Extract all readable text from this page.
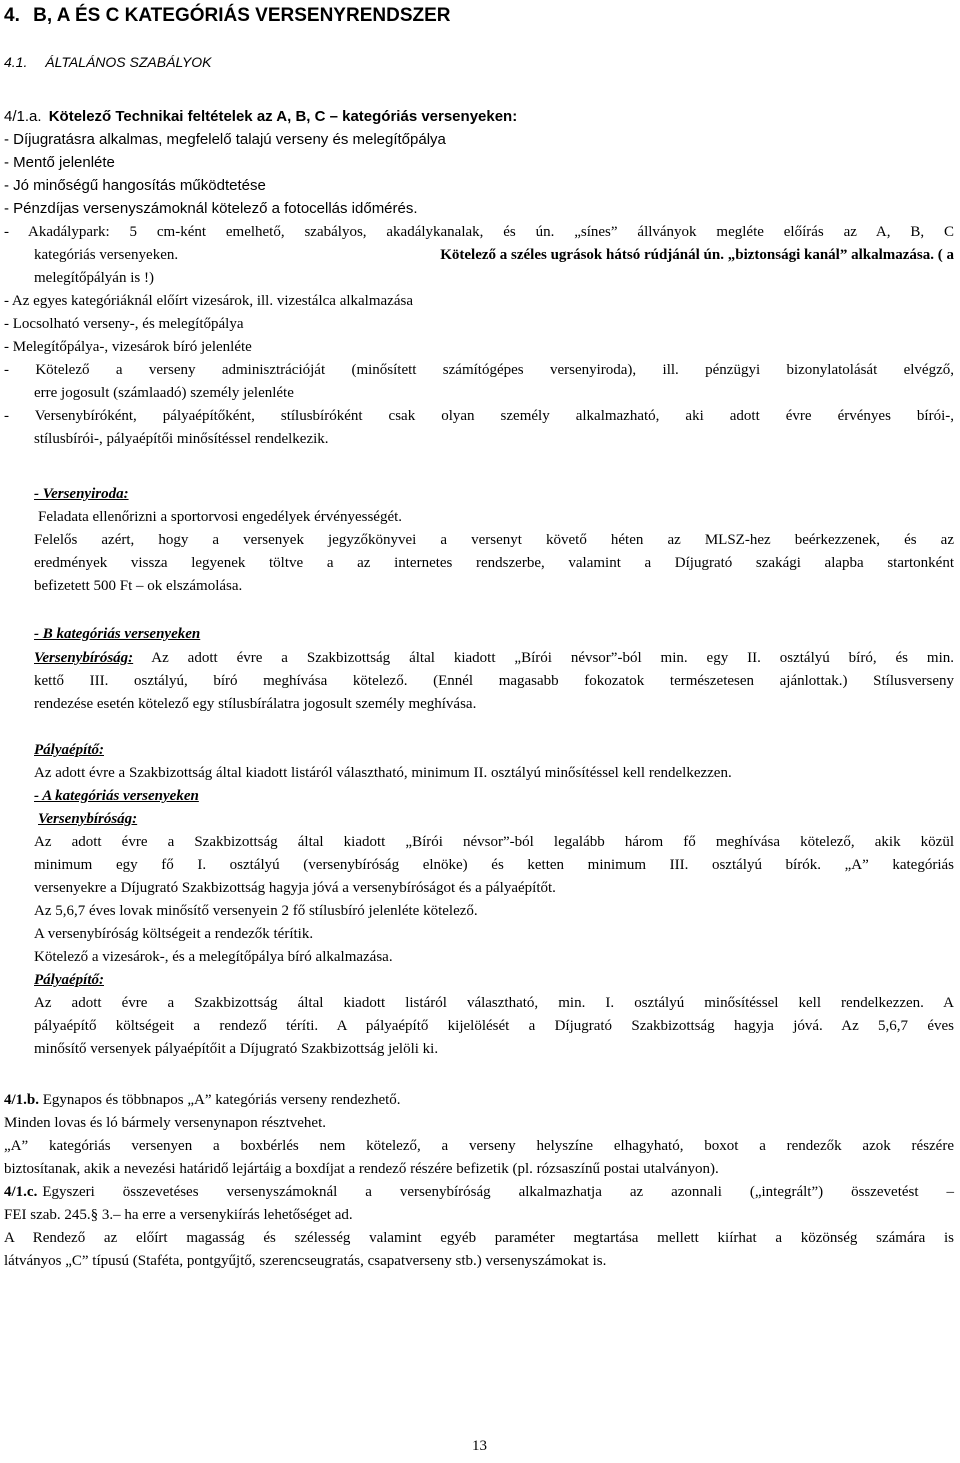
4. B, A ÉS C KATEGÓRIÁS VERSENYRENDSZER
4.1. ÁLTALÁNOS SZABÁLYOK
4/1.a. Kötelező Technikai feltételek az A, B, C – kategóriás versenyeken:
- Díjugratásra alkalmas, megfelelő talajú verseny és melegítőpálya
- Mentő jelenléte
- Jó minőségű hangosítás működtetése
- Pénzdíjas versenyszámoknál kötelező a fotocellás időmérés.
- Akadálypark: 5 cm-ként emelhető, szabályos, akadálykanalak, és ún. „sínes” állványok megléte előírás az A, B, C
kategóriás versenyeken.	Kötelező a széles ugrások hátsó rúdjánál ún. „biztonsági kanál” alkalmazása. ( a
melegítőpályán is !)
- Az egyes kategóriáknál előírt vizesárok, ill. vizestálca alkalmazása
- Locsolható verseny-, és melegítőpálya
- Melegítőpálya-, vizesárok bíró jelenléte
- Kötelező a verseny adminisztrációját (minősített számítógépes versenyiroda), ill. pénzügyi bizonylatolását elvégző,
erre jogosult (számlaadó) személy jelenléte
- Versenybíróként, pályaépítőként, stílusbíróként csak olyan személy alkalmazható, aki adott évre érvényes bírói-,
stílusbírói-, pályaépítői minősítéssel rendelkezik.
- Versenyiroda:
Feladata ellenőrizni a sportorvosi engedélyek érvényességét.
Felelős azért, hogy a versenyek jegyzőkönyvei a versenyt követő héten az MLSZ-hez beérkezzenek, és az
eredmények vissza legyenek töltve a az internetes rendszerbe, valamint a Díjugrató szakági alapba startonként
befizetett 500 Ft – ok elszámolása.
- B kategóriás versenyeken
Versenybíróság: Az adott évre a Szakbizottság által kiadott „Bírói névsor”-ból min. egy II. osztályú bíró, és min.
kettő III. osztályú, bíró meghívása kötelező. (Ennél magasabb fokozatok természetesen ajánlottak.) Stílusverseny
rendezése esetén kötelező egy stílusbírálatra jogosult személy meghívása.
Pályaépítő:
Az adott évre a Szakbizottság által kiadott listáról választható, minimum II. osztályú minősítéssel kell rendelkezzen.
- A kategóriás versenyeken
Versenybíróság:
Az adott évre a Szakbizottság által kiadott „Bírói névsor”-ból legalább három fő meghívása kötelező, akik közül
minimum egy fő I. osztályú (versenybíróság elnöke) és ketten minimum III. osztályú bírók. „A” kategóriás
versenyekre a Díjugrató Szakbizottság hagyja jóvá a versenybíróságot és a pályaépítőt.
Az 5,6,7 éves lovak minősítő versenyein 2 fő stílusbíró jelenléte kötelező.
A versenybíróság költségeit a rendezők térítik.
Kötelező a vizesárok-, és a melegítőpálya bíró alkalmazása.
Pályaépítő:
Az adott évre a Szakbizottság által kiadott listáról választható, min. I. osztályú minősítéssel kell rendelkezzen. A
pályaépítő költségeit a rendező téríti. A pályaépítő kijelölését a Díjugrató Szakbizottság hagyja jóvá. Az 5,6,7 éves
minősítő versenyek pályaépítőit a Díjugrató Szakbizottság jelöli ki.
4/1.b. Egynapos és többnapos „A” kategóriás verseny rendezhető.
Minden lovas és ló bármely versenynapon résztvehet.
„A” kategóriás versenyen a boxbérlés nem kötelező, a verseny helyszíne elhagyható, boxot a rendezők azok részére
biztosítanak, akik a nevezési határidő lejártáig a boxdíjat a rendező részére befizetik (pl. rózsaszínű postai utalványon).
4/1.c. Egyszeri összevetéses versenyszámoknál a versenybíróság alkalmazhatja az azonnali („integrált”) összevetést –
FEI szab. 245.§ 3.– ha erre a versenykiírás lehetőséget ad.
A Rendező az előírt magasság és szélesség valamint egyéb paraméter megtartása mellett kiírhat a közönség számára is
látványos „C” típusú (Staféta, pontgyűjtő, szerencseugratás, csapatverseny stb.) versenyszámokat is.
13
